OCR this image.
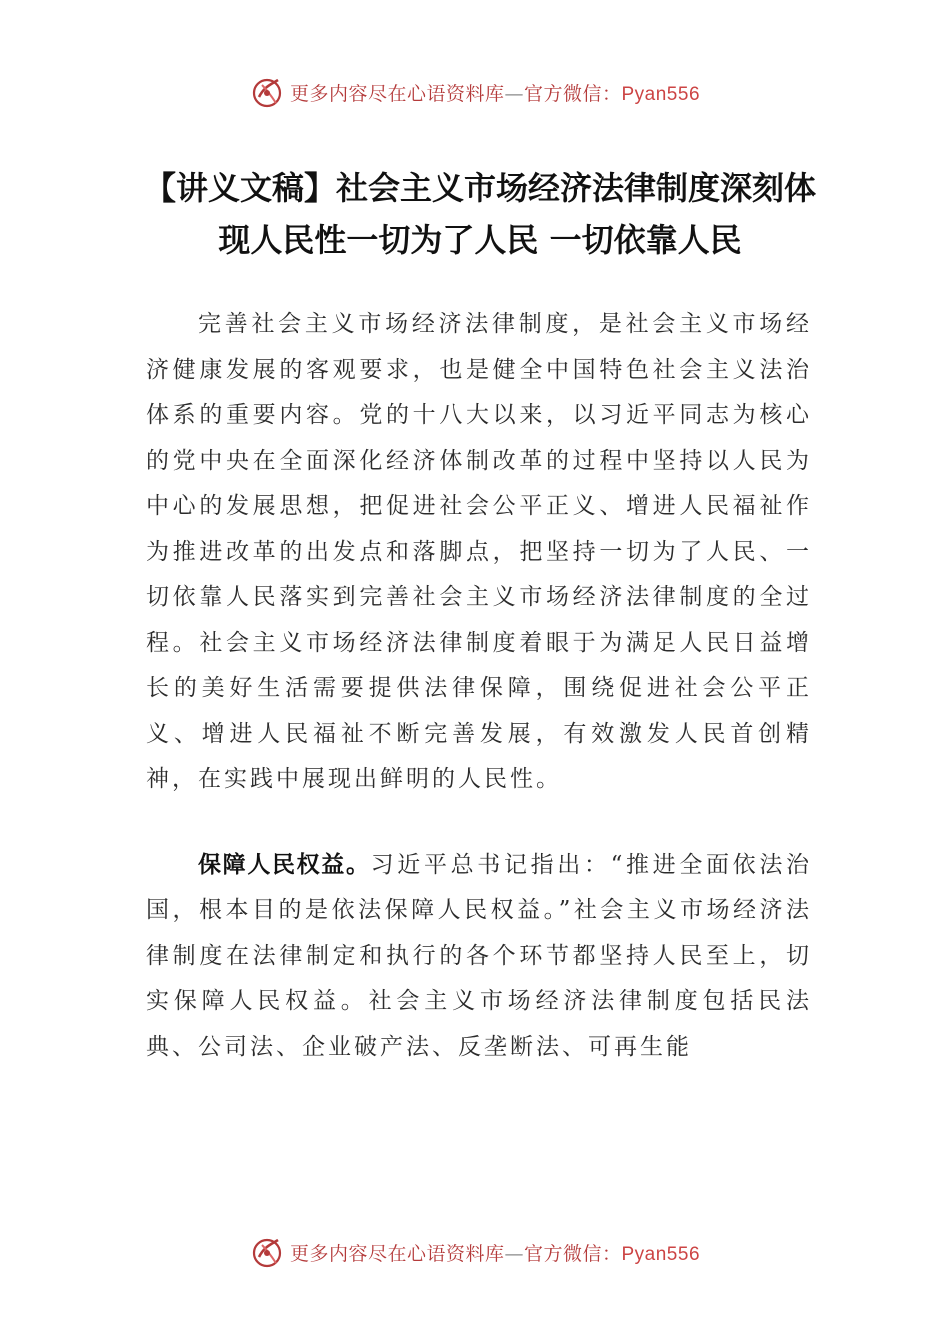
更多内容尽在心语资料库—官方微信：Pyan556
【讲义文稿】社会主义市场经济法律制度深刻体现人民性一切为了人民 一切依靠人民

完善社会主义市场经济法律制度，是社会主义市场经济健康发展的客观要求，也是健全中国特色社会主义法治体系的重要内容。党的十八大以来，以习近平同志为核心的党中央在全面深化经济体制改革的过程中坚持以人民为中心的发展思想，把促进社会公平正义、增进人民福祉作为推进改革的出发点和落脚点，把坚持一切为了人民、一切依靠人民落实到完善社会主义市场经济法律制度的全过程。社会主义市场经济法律制度着眼于为满足人民日益增长的美好生活需要提供法律保障，围绕促进社会公平正义、增进人民福祉不断完善发展，有效激发人民首创精神，在实践中展现出鲜明的人民性。

保障人民权益。习近平总书记指出：“推进全面依法治国，根本目的是依法保障人民权益。”社会主义市场经济法律制度在法律制定和执行的各个环节都坚持人民至上，切实保障人民权益。社会主义市场经济法律制度包括民法典、公司法、企业破产法、反垄断法、可再生能

更多内容尽在心语资料库—官方微信：Pyan556
